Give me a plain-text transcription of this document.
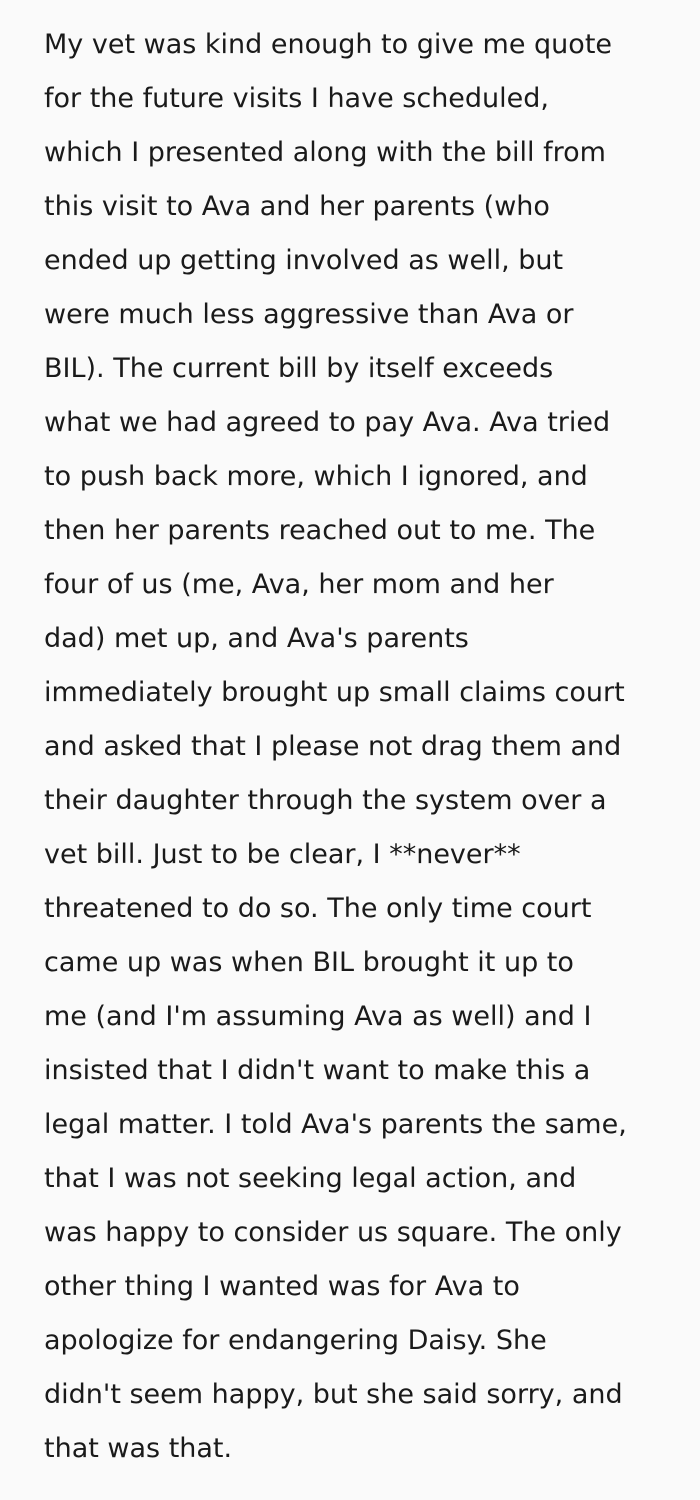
My vet was kind enough to give me quote
for the future visits I have scheduled,
which I presented along with the bill from
this visit to Ava and her parents (who
ended up getting involved as well, but
were much less aggressive than Ava or
BIL). The current bill by itself exceeds
what we had agreed to pay Ava. Ava tried
to push back more, which I ignored, and
then her parents reached out to me. The
four of us (me, Ava, her mom and her
dad) met up, and Ava's parents
immediately brought up small claims court
and asked that I please not drag them and
their daughter through the system over a
vet bill. Just to be clear, I **never**
threatened to do so. The only time court
came up was when BIL brought it up to
me (and I'm assuming Ava as well) and I
insisted that I didn't want to make this a
legal matter. I told Ava's parents the same,
that I was not seeking legal action, and
was happy to consider us square. The only
other thing I wanted was for Ava to
apologize for endangering Daisy. She
didn't seem happy, but she said sorry, and
that was that.
